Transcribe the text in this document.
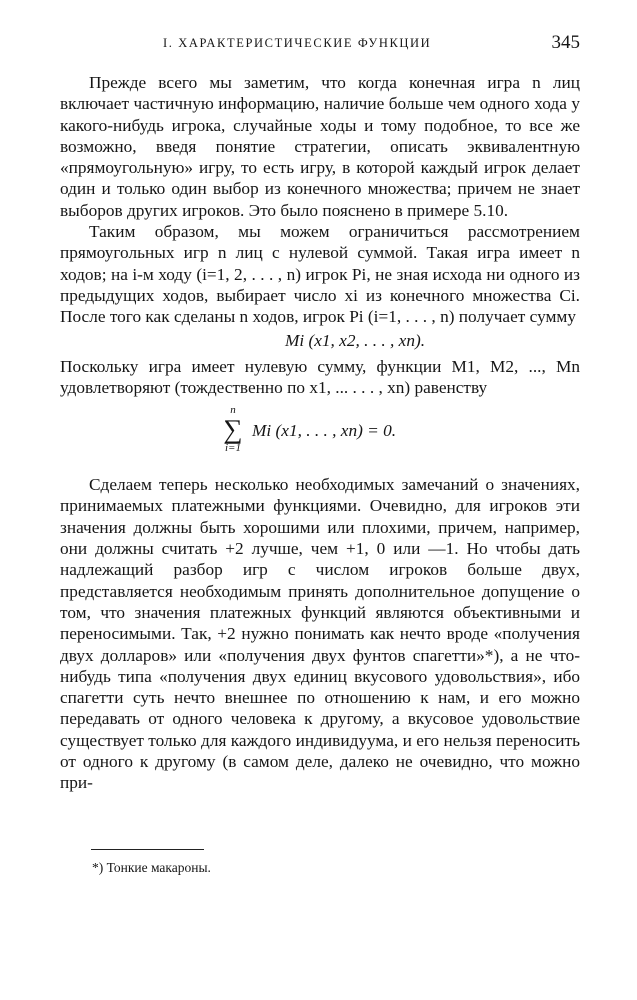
I. ХАРАКТЕРИСТИЧЕСКИЕ ФУНКЦИИ	345

Прежде всего мы заметим, что когда конечная игра n лиц включает частичную информацию, наличие больше чем одного хода у какого-нибудь игрока, случайные ходы и тому подобное, то все же возможно, введя понятие стратегии, описать эквивалентную «прямоугольную» игру, то есть игру, в которой каждый игрок делает один и только один выбор из конечного множества; причем не знает выборов других игроков. Это было пояснено в примере 5.10.

Таким образом, мы можем ограничиться рассмотрением прямоугольных игр n лиц с нулевой суммой. Такая игра имеет n ходов; на i-м ходу (i=1, 2, . . . , n) игрок Pi, не зная исхода ни одного из предыдущих ходов, выбирает число xi из конечного множества Ci. После того как сделаны n ходов, игрок Pi (i=1, . . . , n) получает сумму

Mi (x1, x2, . . . , xn).

Поскольку игра имеет нулевую сумму, функции M1, M2, ..., Mn удовлетворяют (тождественно по x1, ... . . . , xn) равенству

n
∑
i=1
Mi (x1, . . . , xn) = 0.

Сделаем теперь несколько необходимых замечаний о значениях, принимаемых платежными функциями. Очевидно, для игроков эти значения должны быть хорошими или плохими, причем, например, они должны считать +2 лучше, чем +1, 0 или —1. Но чтобы дать надлежащий разбор игр с числом игроков больше двух, представляется необходимым принять дополнительное допущение о том, что значения платежных функций являются объективными и переносимыми. Так, +2 нужно понимать как нечто вроде «получения двух долларов» или «получения двух фунтов спагетти»*), а не что-нибудь типа «получения двух единиц вкусового удовольствия», ибо спагетти суть нечто внешнее по отношению к нам, и его можно передавать от одного человека к другому, а вкусовое удовольствие существует только для каждого индивидуума, и его нельзя переносить от одного к другому (в самом деле, далеко не очевидно, что можно при-

*) Тонкие макароны.
